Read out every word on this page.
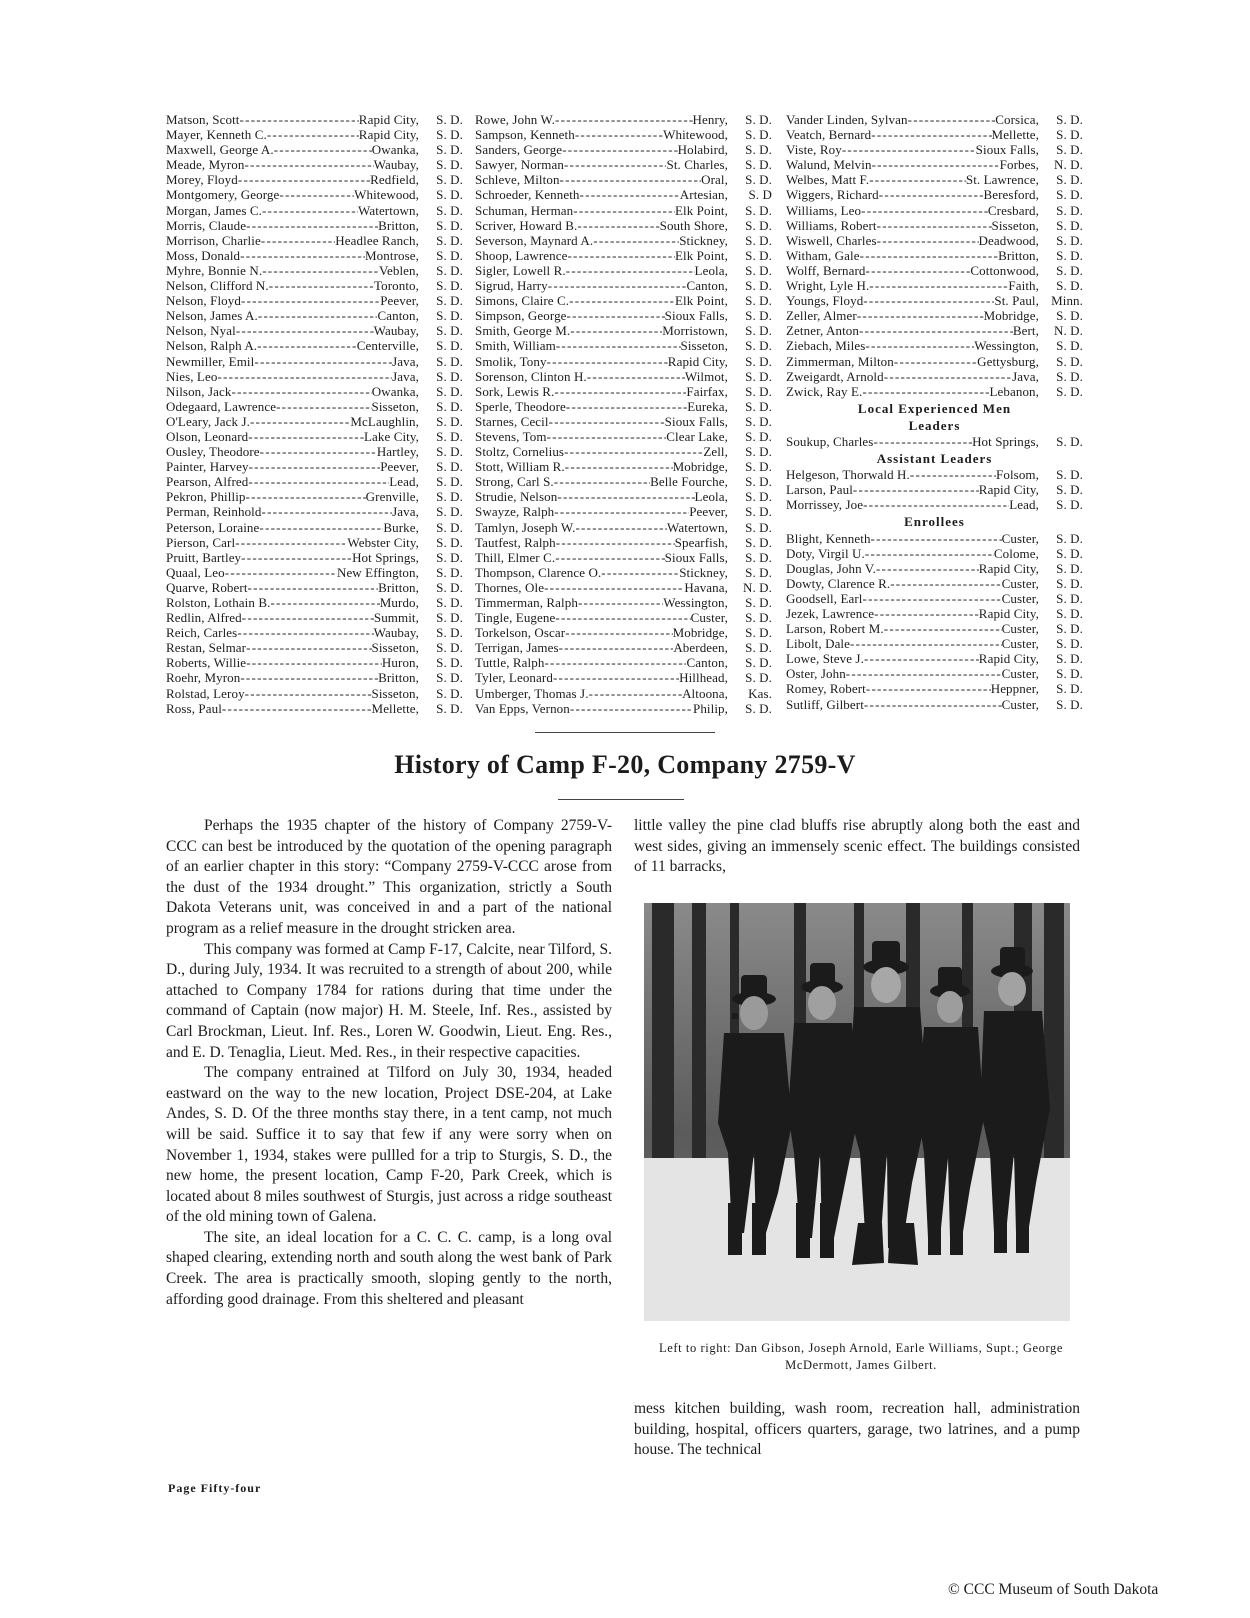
Matson, Scott - - -	Rapid City,	S. D.
Mayer, Kenneth C. - - -	Rapid City,	S. D.
Maxwell, George A. - - -	Owanka,	S. D.
Meade, Myron - - -	Waubay,	S. D.
Morey, Floyd - - -	Redfield,	S. D.
Montgomery, George - - -	Whitewood,	S. D.
Morgan, James C. - - -	Watertown,	S. D.
Morris, Claude - - -	Britton,	S. D.
Morrison, Charlie - - -	Headlee Ranch,	S. D.
Moss, Donald - - -	Montrose,	S. D.
Myhre, Bonnie N. - - -	Veblen,	S. D.
Nelson, Clifford N. - - -	Toronto,	S. D.
Nelson, Floyd - - -	Peever,	S. D.
Nelson, James A. - - -	Canton,	S. D.
Nelson, Nyal - - -	Waubay,	S. D.
Nelson, Ralph A. - - -	Centerville,	S. D.
Newmiller, Emil - - -	Java,	S. D.
Nies, Leo - - -	Java,	S. D.
Nilson, Jack - - -	Owanka,	S. D.
Odegaard, Lawrence - - -	Sisseton,	S. D.
O'Leary, Jack J. - - -	McLaughlin,	S. D.
Olson, Leonard - - -	Lake City,	S. D.
Ousley, Theodore - - -	Hartley,	S. D.
Painter, Harvey - - -	Peever,	S. D.
Pearson, Alfred - - -	Lead,	S. D.
Pekron, Phillip - - -	Grenville,	S. D.
Perman, Reinhold - - -	Java,	S. D.
Peterson, Loraine - - -	Burke,	S. D.
Pierson, Carl - - -	Webster City,	S. D.
Pruitt, Bartley - - -	Hot Springs,	S. D.
Quaal, Leo - - -	New Effington,	S. D.
Quarve, Robert - - -	Britton,	S. D.
Rolston, Lothain B. - - -	Murdo,	S. D.
Redlin, Alfred - - -	Summit,	S. D.
Reich, Carles - - -	Waubay,	S. D.
Restan, Selmar - - -	Sisseton,	S. D.
Roberts, Willie - - -	Huron,	S. D.
Roehr, Myron - - -	Britton,	S. D.
Rolstad, Leroy - - -	Sisseton,	S. D.
Ross, Paul - - -	Mellette,	S. D.
Rowe, John W. - - -	Henry,	S. D.
Sampson, Kenneth - - -	Whitewood,	S. D.
Sanders, George - - -	Holabird,	S. D.
Sawyer, Norman - - -	St. Charles,	S. D.
Schleve, Milton - - -	Oral,	S. D.
Schroeder, Kenneth - - -	Artesian,	S. D
Schuman, Herman - - -	Elk Point,	S. D.
Scriver, Howard B. - - -	South Shore,	S. D.
Severson, Maynard A. - - -	Stickney,	S. D.
Shoop, Lawrence - - -	Elk Point,	S. D.
Sigler, Lowell R. - - -	Leola,	S. D.
Sigrud, Harry - - -	Canton,	S. D.
Simons, Claire C. - - -	Elk Point,	S. D.
Simpson, George - - -	Sioux Falls,	S. D.
Smith, George M. - - -	Morristown,	S. D.
Smith, William - - -	Sisseton,	S. D.
Smolik, Tony - - -	Rapid City,	S. D.
Sorenson, Clinton H. - - -	Wilmot,	S. D.
Sork, Lewis R. - - -	Fairfax,	S. D.
Sperle, Theodore - - -	Eureka,	S. D.
Starnes, Cecil - - -	Sioux Falls,	S. D.
Stevens, Tom - - -	Clear Lake,	S. D.
Stoltz, Cornelius - - -	Zell,	S. D.
Stott, William R. - - -	Mobridge,	S. D.
Strong, Carl S. - - -	Belle Fourche,	S. D.
Strudie, Nelson - - -	Leola,	S. D.
Swayze, Ralph - - -	Peever,	S. D.
Tamlyn, Joseph W. - - -	Watertown,	S. D.
Tautfest, Ralph - - -	Spearfish,	S. D.
Thill, Elmer C. - - -	Sioux Falls,	S. D.
Thompson, Clarence O. - - -	Stickney,	S. D.
Thornes, Ole - - -	Havana,	N. D.
Timmerman, Ralph - - -	Wessington,	S. D.
Tingle, Eugene - - -	Custer,	S. D.
Torkelson, Oscar - - -	Mobridge,	S. D.
Terrigan, James - - -	Aberdeen,	S. D.
Tuttle, Ralph - - -	Canton,	S. D.
Tyler, Leonard - - -	Hillhead,	S. D.
Umberger, Thomas J. - - -	Altoona,	Kas.
Van Epps, Vernon - - -	Philip,	S. D.
Vander Linden, Sylvan - - -	Corsica,	S. D.
Veatch, Bernard - - -	Mellette,	S. D.
Viste, Roy - - -	Sioux Falls,	S. D.
Walund, Melvin - - -	Forbes,	N. D.
Welbes, Matt F. - - -	St. Lawrence,	S. D.
Wiggers, Richard - - -	Beresford,	S. D.
Williams, Leo - - -	Cresbard,	S. D.
Williams, Robert - - -	Sisseton,	S. D.
Wiswell, Charles - - -	Deadwood,	S. D.
Witham, Gale - - -	Britton,	S. D.
Wolff, Bernard - - -	Cottonwood,	S. D.
Wright, Lyle H. - - -	Faith,	S. D.
Youngs, Floyd - - -	St. Paul, Minn.
Zeller, Almer - - -	Mobridge,	S. D.
Zetner, Anton - - -	Bert,	N. D.
Ziebach, Miles - - -	Wessington,	S. D.
Zimmerman, Milton - - -	Gettysburg,	S. D.
Zweigardt, Arnold - - -	Java,	S. D.
Zwick, Ray E. - - -	Lebanon,	S. D.
Local Experienced Men
Leaders
Soukup, Charles - - -	Hot Springs,	S. D.
Assistant Leaders
Helgeson, Thorwald H. - - -	Folsom,	S. D.
Larson, Paul - - -	Rapid City,	S. D.
Morrissey, Joe - - -	Lead,	S. D.
Enrollees
Blight, Kenneth - - -	Custer,	S. D.
Doty, Virgil U. - - -	Colome,	S. D.
Douglas, John V. - - -	Rapid City,	S. D.
Dowty, Clarence R. - - -	Custer,	S. D.
Goodsell, Earl - - -	Custer,	S. D.
Jezek, Lawrence - - -	Rapid City,	S. D.
Larson, Robert M. - - -	Custer,	S. D.
Libolt, Dale - - -	Custer,	S. D.
Lowe, Steve J. - - -	Rapid City,	S. D.
Oster, John - - -	Custer,	S. D.
Romey, Robert - - -	Heppner,	S. D.
Sutliff, Gilbert - - -	Custer,	S. D.
History of Camp F-20, Company 2759-V

Perhaps the 1935 chapter of the history of Company 2759-V-CCC can best be introduced by the quotation of the opening paragraph of an earlier chapter in this story: “Company 2759-V-CCC arose from the dust of the 1934 drought.” This organization, strictly a South Dakota Veterans unit, was conceived in and a part of the national program as a relief measure in the drought stricken area.

This company was formed at Camp F-17, Calcite, near Tilford, S. D., during July, 1934. It was recruited to a strength of about 200, while attached to Company 1784 for rations during that time under the command of Captain (now major) H. M. Steele, Inf. Res., assisted by Carl Brockman, Lieut. Inf. Res., Loren W. Goodwin, Lieut. Eng. Res., and E. D. Tenaglia, Lieut. Med. Res., in their respective capacities.

The company entrained at Tilford on July 30, 1934, headed eastward on the way to the new location, Project DSE-204, at Lake Andes, S. D. Of the three months stay there, in a tent camp, not much will be said. Suffice it to say that few if any were sorry when on November 1, 1934, stakes were pullled for a trip to Sturgis, S. D., the new home, the present location, Camp F-20, Park Creek, which is located about 8 miles southwest of Sturgis, just across a ridge southeast of the old mining town of Galena.

The site, an ideal location for a C. C. C. camp, is a long oval shaped clearing, extending north and south along the west bank of Park Creek. The area is practically smooth, sloping gently to the north, affording good drainage. From this sheltered and pleasant

little valley the pine clad bluffs rise abruptly along both the east and west sides, giving an immensely scenic effect. The buildings consisted of 11 barracks,

Left to right: Dan Gibson, Joseph Arnold, Earle Williams, Supt.; George McDermott, James Gilbert.

mess kitchen building, wash room, recreation hall, administration building, hospital, officers quarters, garage, two latrines, and a pump house. The technical

Page Fifty-four
© CCC Museum of South Dakota
